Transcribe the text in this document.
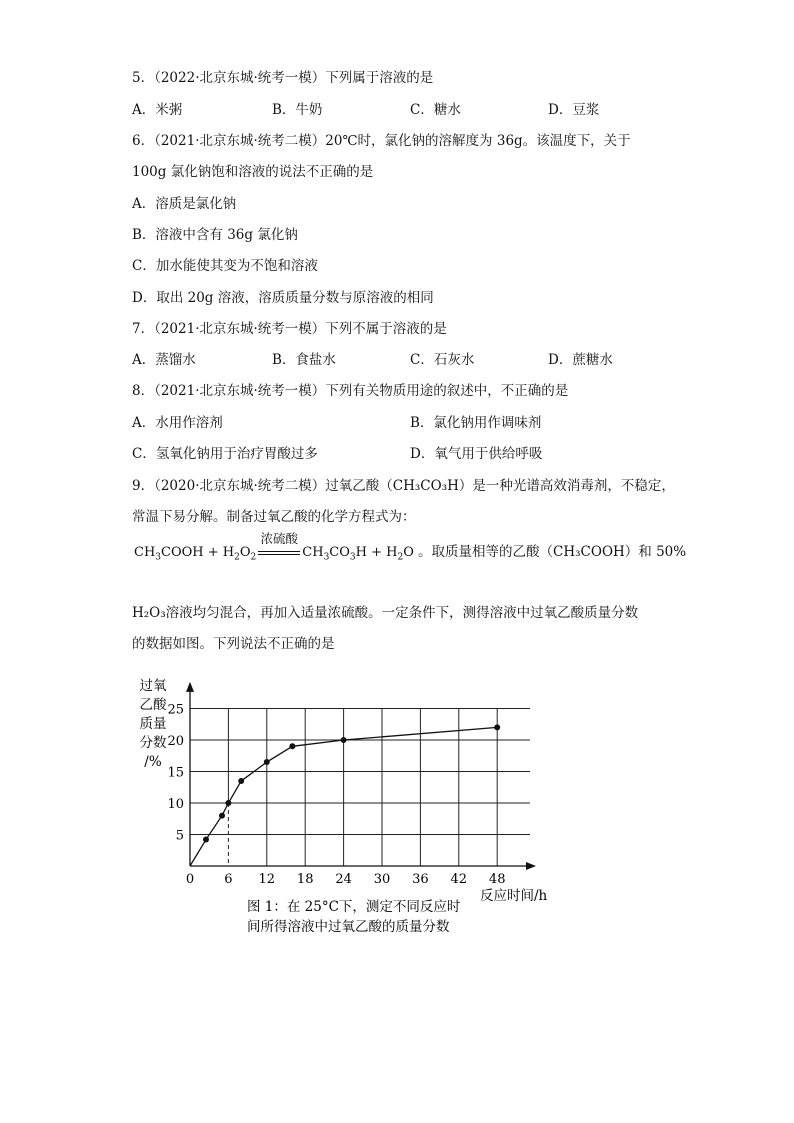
5．（2022·北京东城·统考一模）下列属于溶液的是
A．米粥	B．牛奶	C．糖水	D．豆浆
6．（2021·北京东城·统考二模）20℃时，氯化钠的溶解度为 36g。该温度下，关于
100g 氯化钠饱和溶液的说法不正确的是
A．溶质是氯化钠
B．溶液中含有 36g 氯化钠
C．加水能使其变为不饱和溶液
D．取出 20g 溶液，溶质质量分数与原溶液的相同
7．（2021·北京东城·统考一模）下列不属于溶液的是
A．蒸馏水	B．食盐水	C．石灰水	D．蔗糖水
8．（2021·北京东城·统考一模）下列有关物质用途的叙述中，不正确的是
A．水用作溶剂	B．氯化钠用作调味剂
C．氢氧化钠用于治疗胃酸过多	D．氧气用于供给呼吸
9．（2020·北京东城·统考二模）过氧乙酸（CH₃CO₃H）是一种光谱高效消毒剂，不稳定，
常温下易分解。制备过氧乙酸的化学方程式为：
$CH_3COOH + H_2O_2$
浓硫酸
$CH_3CO_3H + H_2O$ 。取质量相等的乙酸（CH₃COOH）和 50%
H₂O₃溶液均匀混合，再加入适量浓硫酸。一定条件下，测得溶液中过氧乙酸质量分数
的数据如图。下列说法不正确的是
5
10
15
20
25
0 6 12 18 24 30 36 42 48
过氧
乙酸
质量
分数
/%
反应时间/h
图 1：在 25°C下，测定不同反应时
间所得溶液中过氧乙酸的质量分数
